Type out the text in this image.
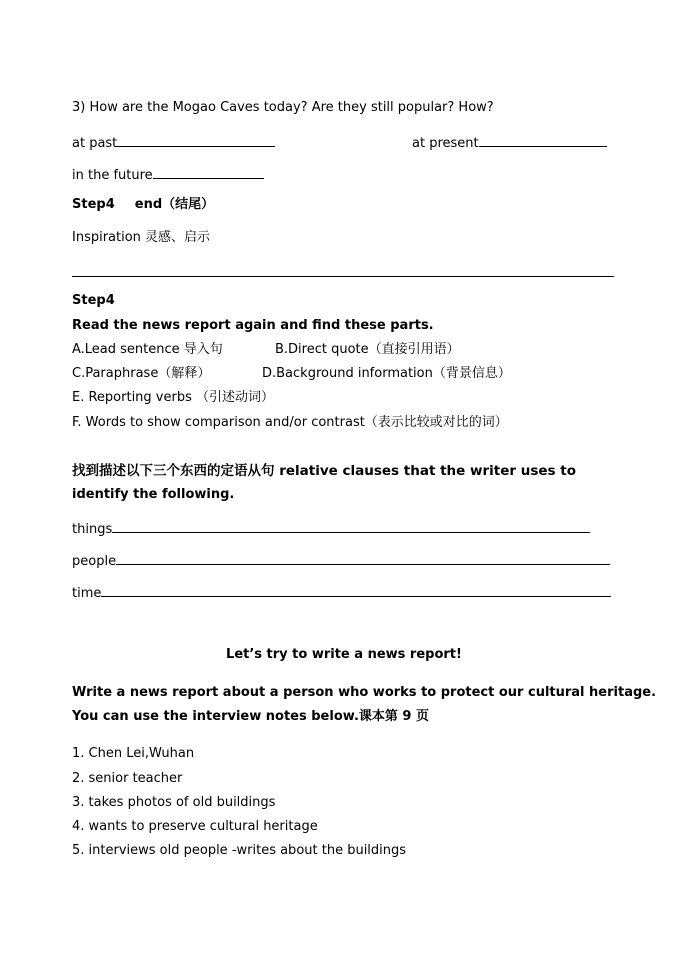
3) How are the Mogao Caves today? Are they still popular? How?
at past	at present
in the future
Step4 end（结尾）
Inspiration 灵感、启示
Step4
Read the news report again and find these parts.
A.Lead sentence 导入句	B.Direct quote（直接引用语）
C.Paraphrase（解释）	D.Background information（背景信息）
E. Reporting verbs （引述动词）
F. Words to show comparison and/or contrast（表示比较或对比的词）
找到描述以下三个东西的定语从句 relative clauses that the writer uses to
identify the following.
things
people
time
Let’s try to write a news report!
Write a news report about a person who works to protect our cultural heritage.
You can use the interview notes below.课本第 9 页
1. Chen Lei,Wuhan
2. senior teacher
3. takes photos of old buildings
4. wants to preserve cultural heritage
5. interviews old people -writes about the buildings
